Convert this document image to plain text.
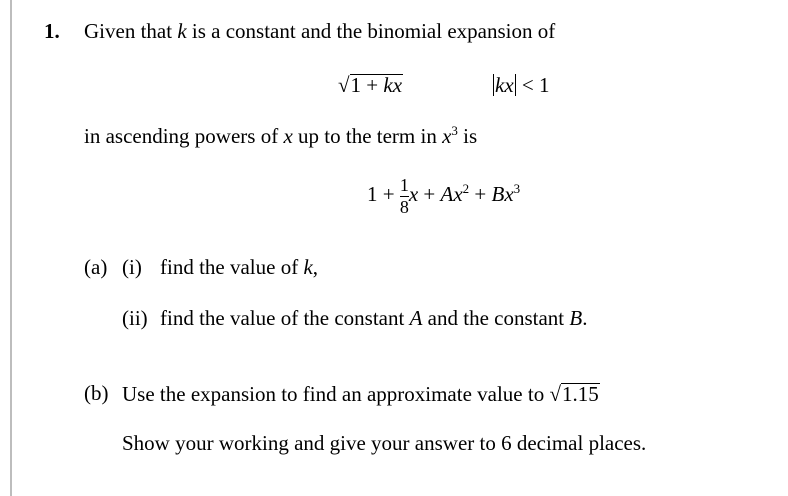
1. Given that k is a constant and the binomial expansion of
√1 + kx	kx < 1
in ascending powers of x up to the term in $x^3$ is
$1 + \frac{1}{8}$ $x + Ax^2 + Bx^3$
(a) (i) find the value of k,
(ii) find the value of the constant A and the constant B.
(b) Use the expansion to find an approximate value to √1.15
Show your working and give your answer to 6 decimal places.
